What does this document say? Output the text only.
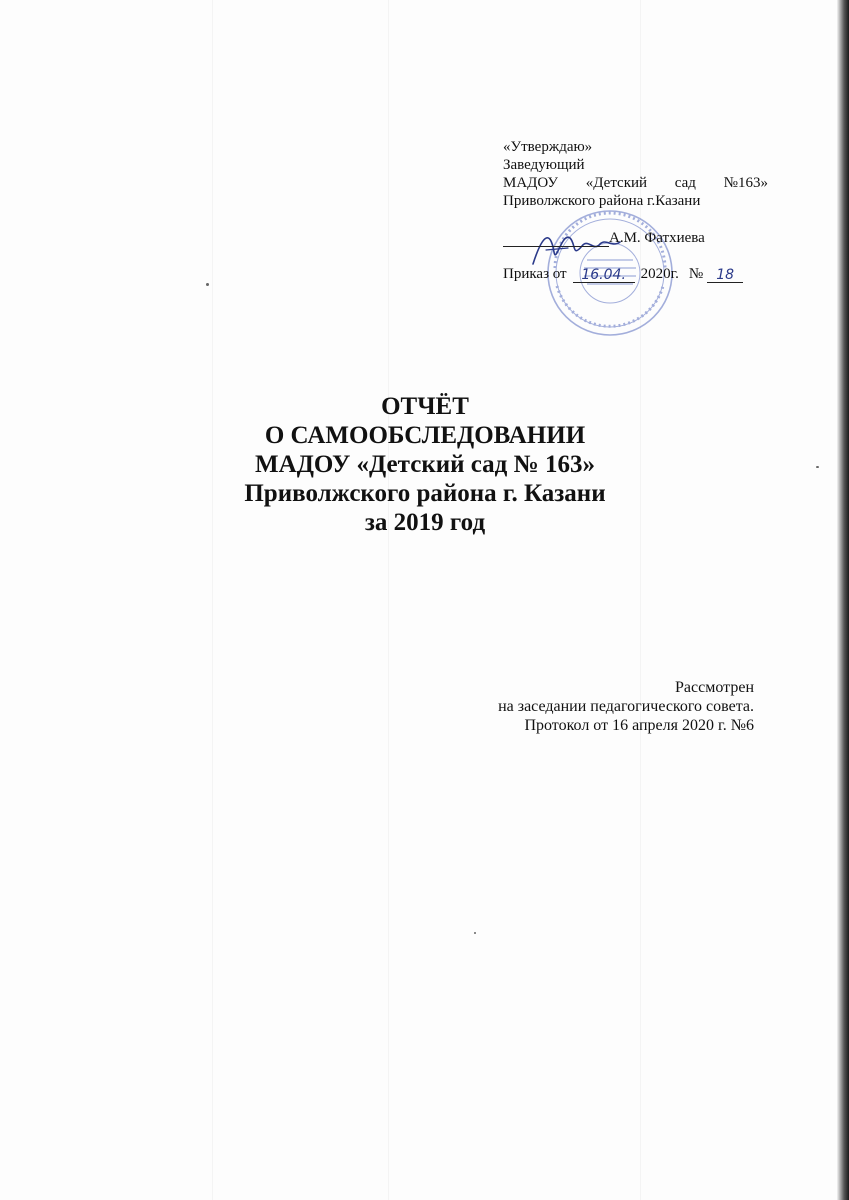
«Утверждаю»
Заведующий
МАДОУ «Детский сад №163»
Приволжского района г.Казани
А.М. Фатхиева
Приказ от	16.04. 2020г. № 18
ОТЧЁТ
О САМООБСЛЕДОВАНИИ
МАДОУ «Детский сад № 163»
Приволжского района г. Казани
за 2019 год
Рассмотрен
на заседании педагогического совета.
Протокол от 16 апреля 2020 г. №6
